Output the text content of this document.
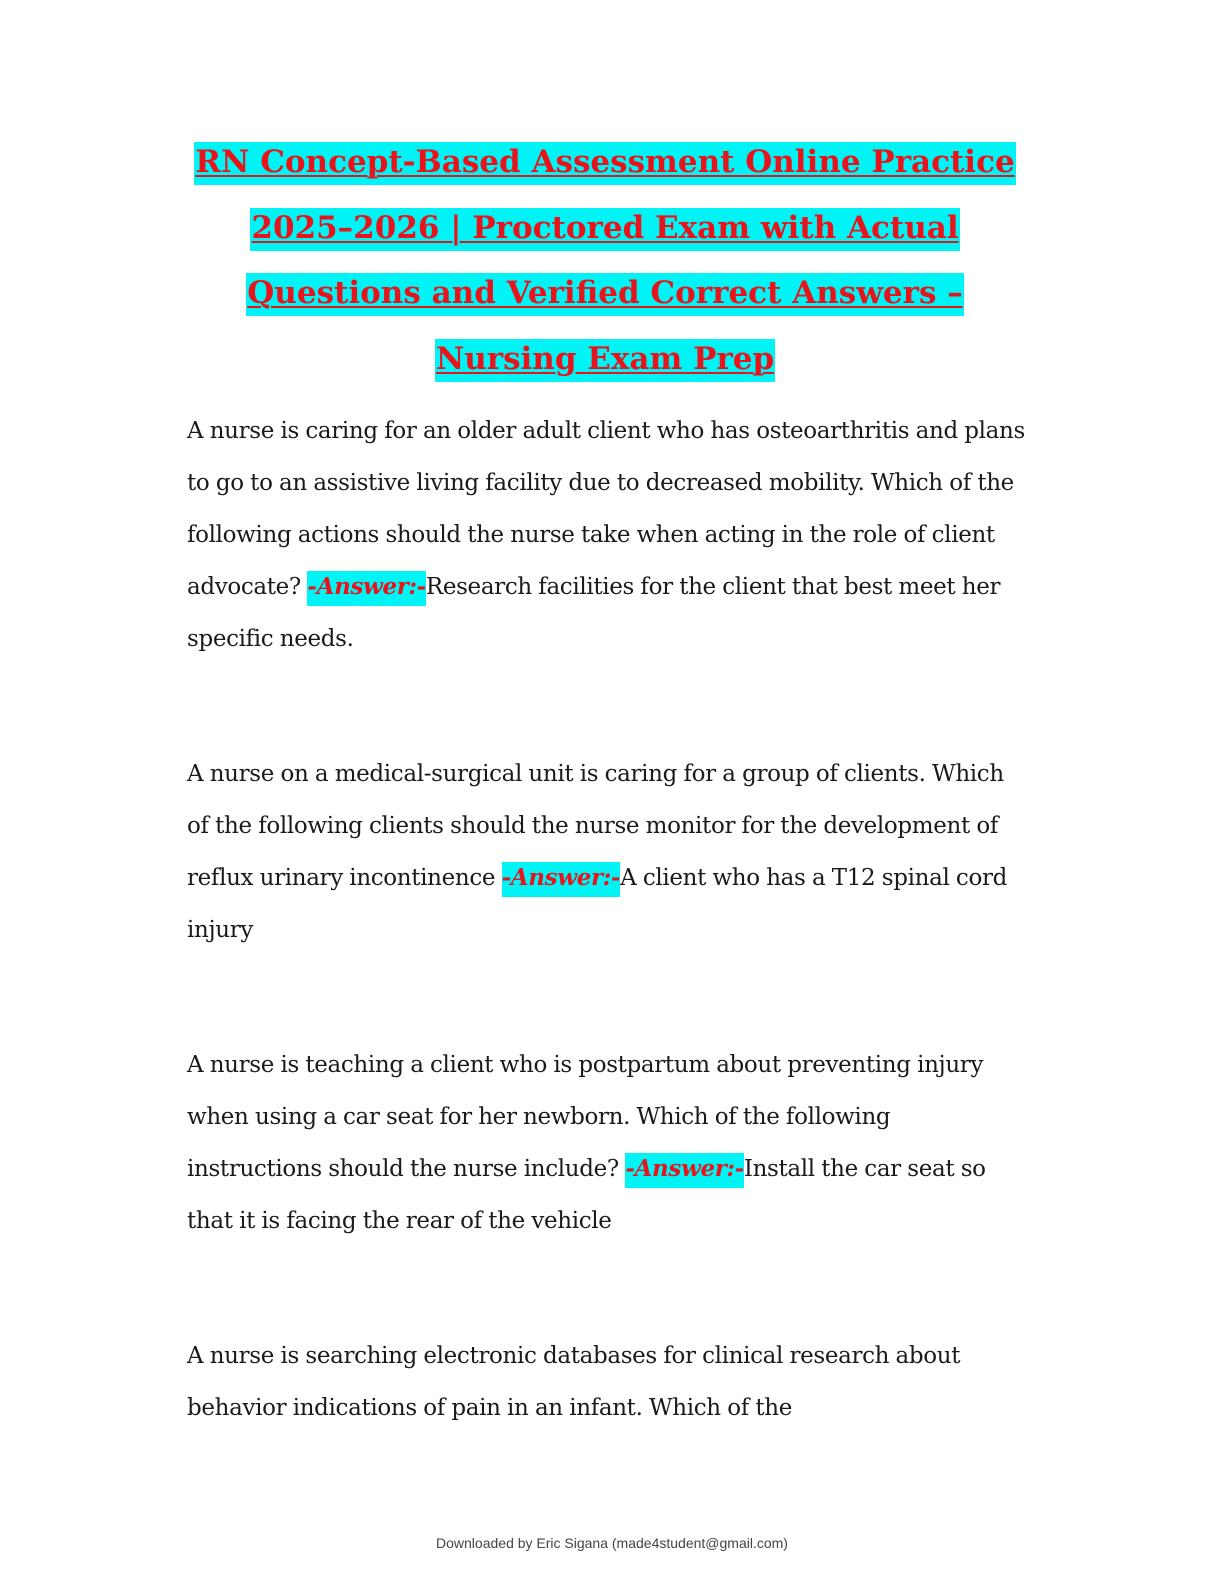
RN Concept-Based Assessment Online Practice
2025–2026 | Proctored Exam with Actual
Questions and Verified Correct Answers –
Nursing Exam Prep

A nurse is caring for an older adult client who has osteoarthritis and plans to go to an assistive living facility due to decreased mobility. Which of the following actions should the nurse take when acting in the role of client advocate? -Answer:-Research facilities for the client that best meet her specific needs.

A nurse on a medical-surgical unit is caring for a group of clients. Which of the following clients should the nurse monitor for the development of reflux urinary incontinence -Answer:-A client who has a T12 spinal cord injury

A nurse is teaching a client who is postpartum about preventing injury when using a car seat for her newborn. Which of the following instructions should the nurse include? -Answer:-Install the car seat so that it is facing the rear of the vehicle

A nurse is searching electronic databases for clinical research about behavior indications of pain in an infant. Which of the

Downloaded by Eric Sigana (made4student@gmail.com)
